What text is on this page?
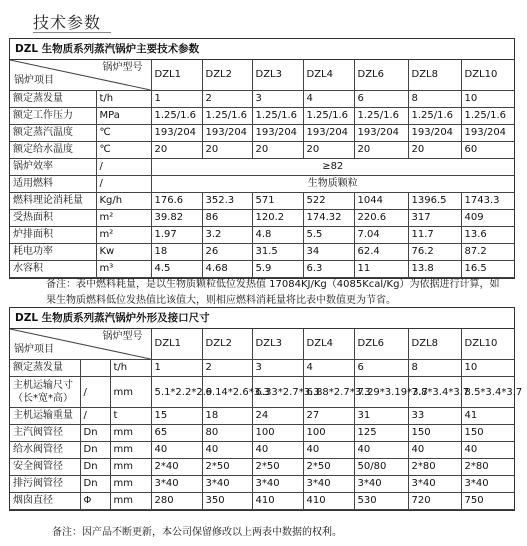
技术参数
DZL 生物质系列蒸汽锅炉主要技术参数
锅炉型号
锅炉项目		DZL1	DZL2	DZL3	DZL4	DZL6	DZL8	DZL10
额定蒸发量	t/h	1	2	3	4	6	8	10
额定工作压力	MPa	1.25/1.6	1.25/1.6	1.25/1.6	1.25/1.6	1.25/1.6	1.25/1.6	1.25/1.6
额定蒸汽温度	℃	193/204	193/204	193/204	193/204	193/204	193/204	193/204
额定给水温度	℃	20	20	20	20	20	20	60
锅炉效率	/	≥82						
适用燃料	/	生物质颗粒						
燃料理论消耗量	Kg/h	176.6	352.3	571	522	1044	1396.5	1743.3
受热面积	m²	39.82	86	120.2	174.32	220.6	317	409
炉排面积	m²	1.97	3.2	4.8	5.5	7.04	11.7	13.6
耗电功率	Kw	18	26	31.5	34	62.4	76.2	87.2
水容积	m³	4.5	4.68	5.9	6.3	11	13.8	16.5
备注：表中燃料耗量，是以生物质颗粒低位发热值 17084KJ/Kg（4085Kcal/Kg）为依据进行计算，如果生物质燃料低位发热值比该值大，则相应燃料消耗量将比表中数值更为节省。
DZL 生物质系列蒸汽锅炉外形及接口尺寸
锅炉型号
锅炉项目			DZL1	DZL2	DZL3	DZL4	DZL6	DZL8	DZL10
额定蒸发量		t/h	1	2	3	4	6	8	10
主机运输尺寸（长*宽*高）	/	mm	5.1*2.2*2.9	6.14*2.6*3.3	6.33*2.7*3.3	6.88*2.7*3.3	7.29*3.19*3.7	7.8*3.4*3.7	8.5*3.4*3.7
主机运输重量	/	t	15	18	24	27	31	33	41
主汽阀管径	Dn	mm	65	80	100	100	125	150	150
给水阀管径	Dn	mm	40	40	40	40	40	40	40
安全阀管径	Dn	mm	2*40	2*50	2*50	2*50	50/80	2*80	2*80
排污阀管径	Dn	mm	3*40	3*40	3*40	3*40	3*40	3*40	3*40
烟囱直径	Φ	mm	280	350	410	410	530	720	750
备注：因产品不断更新，本公司保留修改以上两表中数据的权利。
